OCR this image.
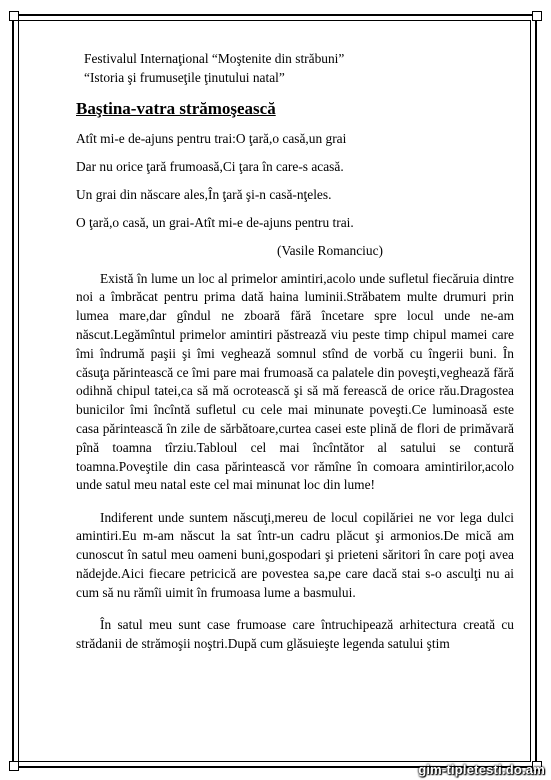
Festivalul Internaţional “Moştenite din străbuni”
“Istoria şi frumuseţile ţinutului natal”
Baştina-vatra strămoşească
Atît mi-e de-ajuns pentru trai:O ţară,o casă,un grai
Dar nu orice ţară frumoasă,Ci ţara în care-s acasă.
Un grai din născare ales,În ţară şi-n casă-nţeles.
O ţară,o casă, un grai-Atît mi-e de-ajuns pentru trai.
(Vasile Romanciuc)

Există în lume un loc al primelor amintiri,acolo unde sufletul fiecăruia dintre noi a îmbrăcat pentru prima dată haina luminii.Străbatem multe drumuri prin lumea mare,dar gîndul ne zboară fără încetare spre locul unde ne-am născut.Legămîntul primelor amintiri păstrează viu peste timp chipul mamei care îmi îndrumă paşii şi îmi veghează somnul stînd de vorbă cu îngerii buni. În căsuţa părintească ce îmi pare mai frumoasă ca palatele din poveşti,veghează fără odihnă chipul tatei,ca să mă ocrotească şi să mă ferească de orice rău.Dragostea bunicilor îmi încîntă sufletul cu cele mai minunate poveşti.Ce luminoasă este casa părintească în zile de sărbătoare,curtea casei este plină de flori de primăvară pînă toamna tîrziu.Tabloul cel mai încîntător al satului se contură toamna.Poveştile din casa părintească vor rămîne în comoara amintirilor,acolo unde satul meu natal este cel mai minunat loc din lume!

Indiferent unde suntem născuţi,mereu de locul copilăriei ne vor lega dulci amintiri.Eu m-am născut la sat într-un cadru plăcut şi armonios.De mică am cunoscut în satul meu oameni buni,gospodari şi prieteni săritori în care poţi avea nădejde.Aici fiecare petricică are povestea sa,pe care dacă stai s-o asculţi nu ai cum să nu rămîi uimit în frumoasa lume a basmului.

În satul meu sunt case frumoase care întruchipează arhitectura creată cu strădanii de strămoşii noştri.După cum glăsuieşte legenda satului ştim

gim-tipletesti.do.am
